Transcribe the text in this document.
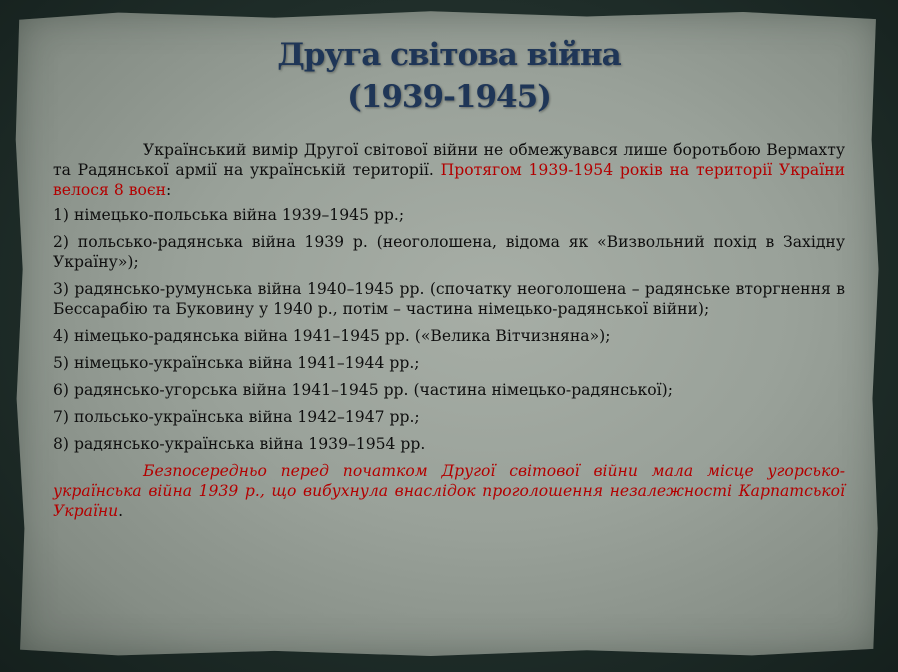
Друга світова війна
(1939-1945)

Український вимір Другої світової війни не обмежувався лише боротьбою Вермахту та Радянської армії на українській території. Протягом 1939-1954 років на території України велося 8 воєн:

1) німецько-польська війна 1939–1945 рр.;

2) польсько-радянська війна 1939 р. (неоголошена, відома як «Визвольний похід в Західну Україну»);

3) радянсько-румунська війна 1940–1945 рр. (спочатку неоголошена – радянське вторгнення в Бессарабію та Буковину у 1940 р., потім – частина німецько-радянської війни);

4) німецько-радянська війна 1941–1945 рр. («Велика Вітчизняна»);

5) німецько-українська війна 1941–1944 рр.;

6) радянсько-угорська війна 1941–1945 рр. (частина німецько-радянської);

7) польсько-українська війна 1942–1947 рр.;

8) радянсько-українська війна 1939–1954 рр.

Безпосередньо перед початком Другої світової війни мала місце угорсько-українська війна 1939 р., що вибухнула внаслідок проголошення незалежності Карпатської України.
